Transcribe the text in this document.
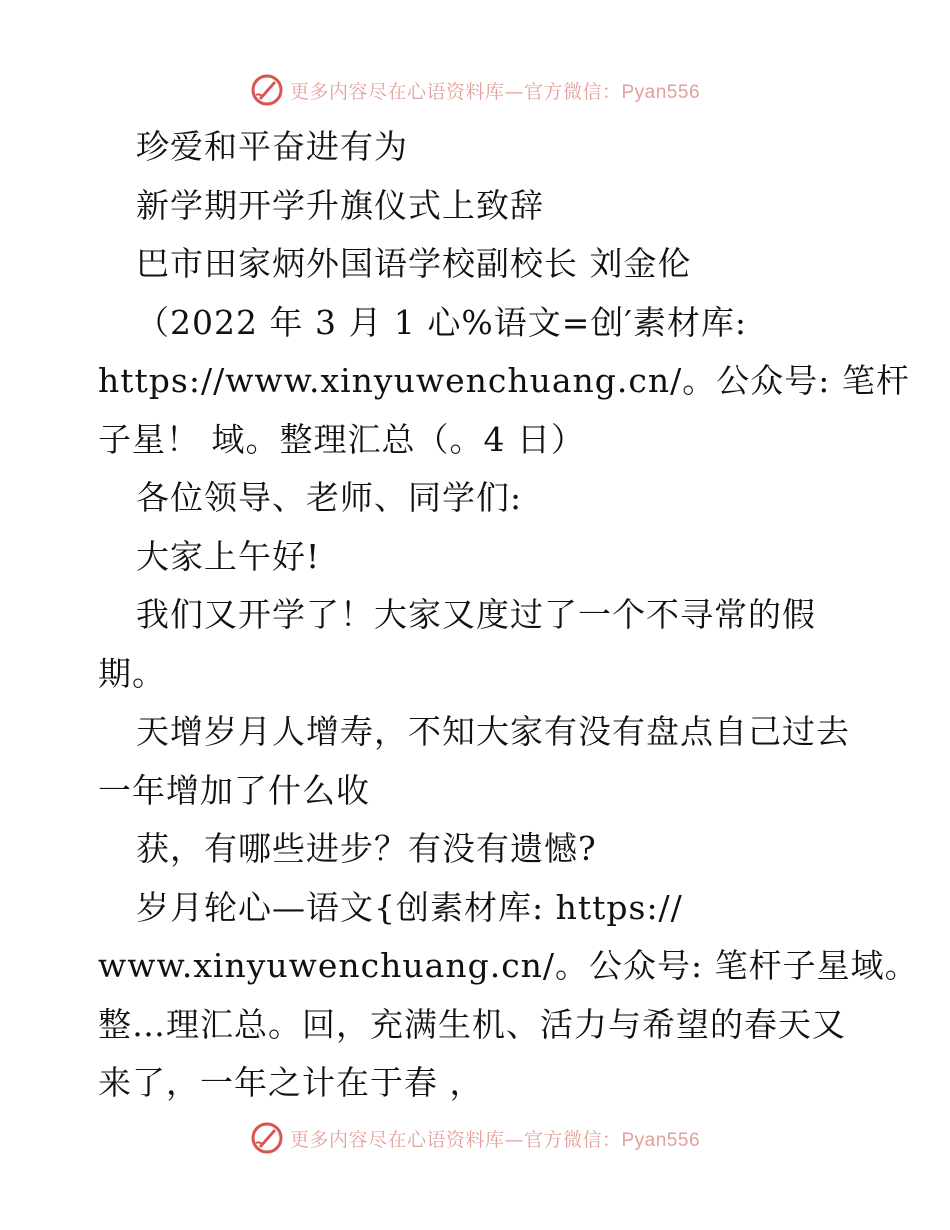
更多内容尽在心语资料库—官方微信：Pyan556
珍爱和平奋进有为
新学期开学升旗仪式上致辞
巴市田家炳外国语学校副校长 刘金伦
（2022 年 3 月 1 心%语文=创′素材库:
https://www.xinyuwenchuang.cn/。公众号: 笔杆
子星！ 域。整理汇总（。4 日）
各位领导、老师、同学们:
大家上午好!
我们又开学了！大家又度过了一个不寻常的假
期。
天增岁月人增寿，不知大家有没有盘点自己过去
一年增加了什么收
获，有哪些进步？有没有遗憾?
岁月轮心—语文{创素材库: https://
www.xinyuwenchuang.cn/。公众号: 笔杆子星域。
整…理汇总。回，充满生机、活力与希望的春天又
来了，一年之计在于春 ，
更多内容尽在心语资料库—官方微信：Pyan556
